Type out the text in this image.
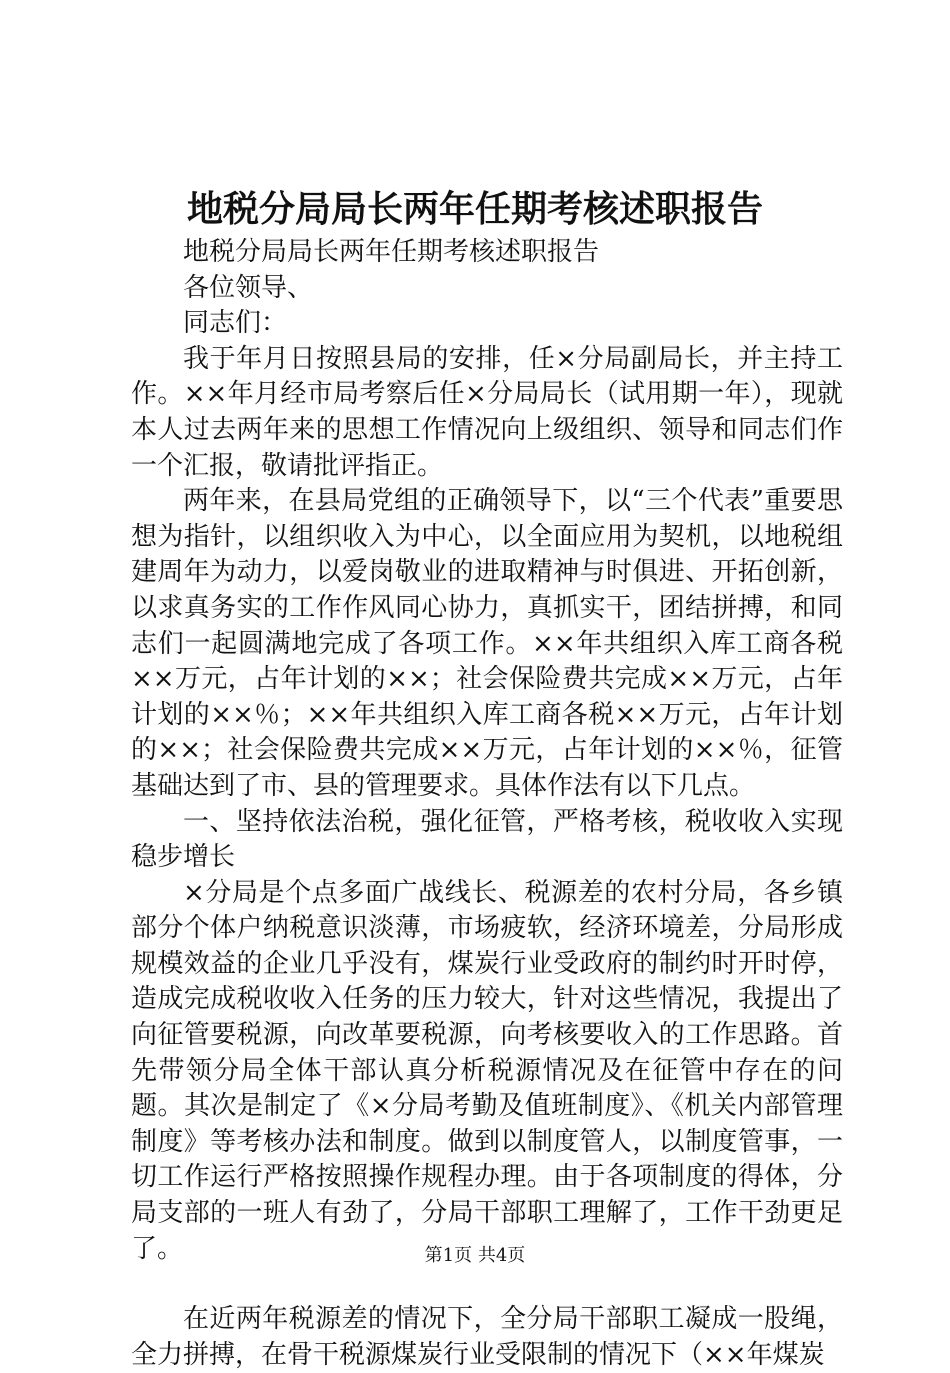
地税分局局长两年任期考核述职报告

地税分局局长两年任期考核述职报告

各位领导、

同志们：

我于年月日按照县局的安排，任×分局副局长，并主持工作。××年月经市局考察后任×分局局长（试用期一年），现就本人过去两年来的思想工作情况向上级组织、领导和同志们作一个汇报，敬请批评指正。

两年来，在县局党组的正确领导下，以“三个代表”重要思想为指针，以组织收入为中心，以全面应用为契机，以地税组建周年为动力，以爱岗敬业的进取精神与时俱进、开拓创新，以求真务实的工作作风同心协力，真抓实干，团结拼搏，和同志们一起圆满地完成了各项工作。××年共组织入库工商各税××万元，占年计划的××；社会保险费共完成××万元，占年计划的××％；××年共组织入库工商各税××万元，占年计划的××；社会保险费共完成××万元，占年计划的××％，征管基础达到了市、县的管理要求。具体作法有以下几点。

一、坚持依法治税，强化征管，严格考核，税收收入实现稳步增长

×分局是个点多面广战线长、税源差的农村分局，各乡镇部分个体户纳税意识淡薄，市场疲软，经济环境差，分局形成规模效益的企业几乎没有，煤炭行业受政府的制约时开时停，造成完成税收收入任务的压力较大，针对这些情况，我提出了向征管要税源，向改革要税源，向考核要收入的工作思路。首先带领分局全体干部认真分析税源情况及在征管中存在的问题。其次是制定了《×分局考勤及值班制度》、《机关内部管理制度》等考核办法和制度。做到以制度管人，以制度管事，一切工作运行严格按照操作规程办理。由于各项制度的得体，分局支部的一班人有劲了，分局干部职工理解了，工作干劲更足了。

在近两年税源差的情况下，全分局干部职工凝成一股绳，全力拼搏，在骨干税源煤炭行业受限制的情况下（××年煤炭

第1页 共4页
